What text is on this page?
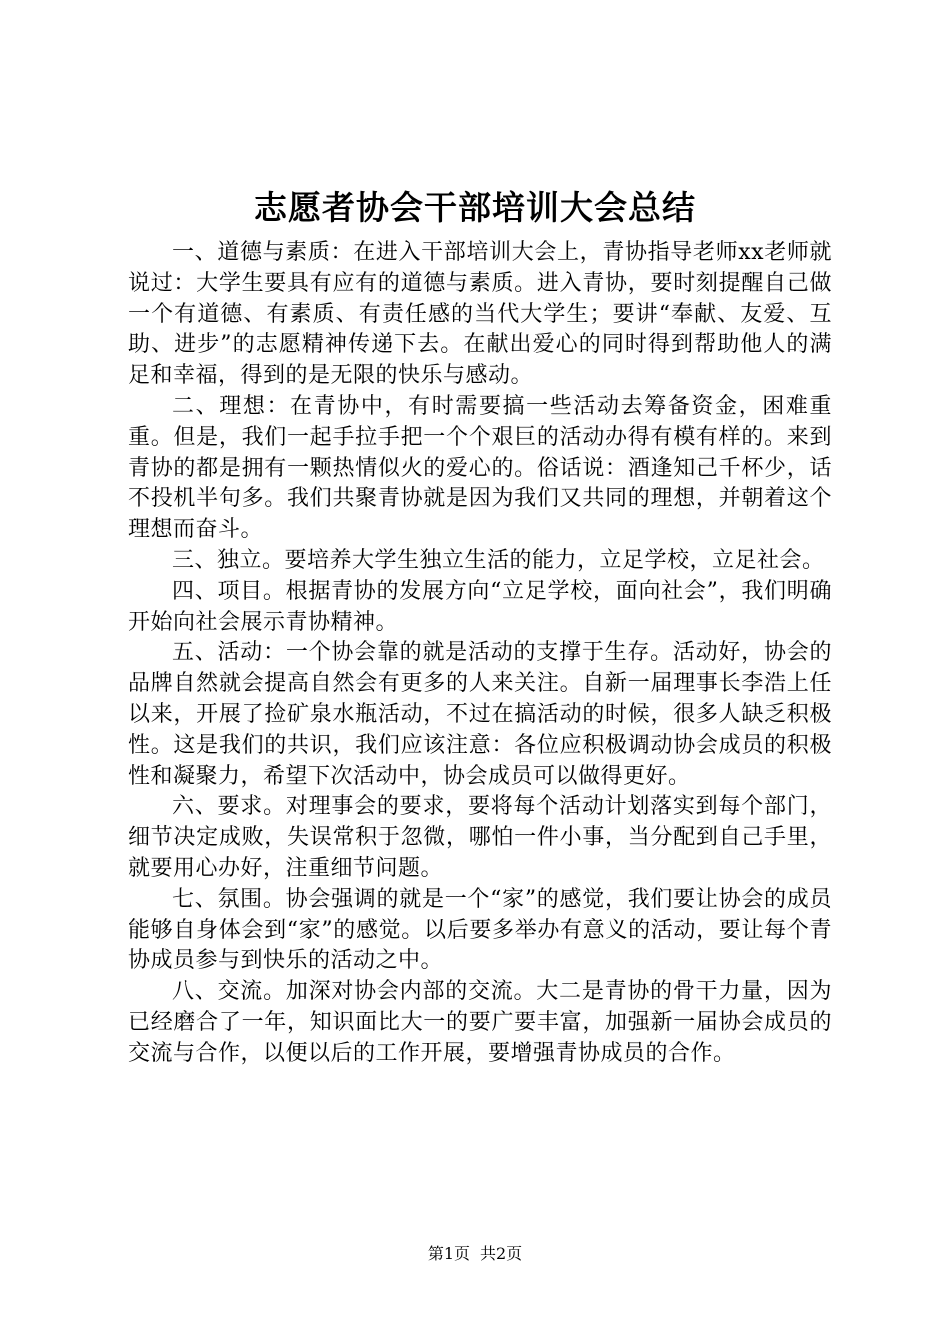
志愿者协会干部培训大会总结

一、道德与素质：在进入干部培训大会上，青协指导老师xx老师就说过：大学生要具有应有的道德与素质。进入青协，要时刻提醒自己做一个有道德、有素质、有责任感的当代大学生；要讲“奉献、友爱、互助、进步”的志愿精神传递下去。在献出爱心的同时得到帮助他人的满足和幸福，得到的是无限的快乐与感动。

二、理想：在青协中，有时需要搞一些活动去筹备资金，困难重重。但是，我们一起手拉手把一个个艰巨的活动办得有模有样的。来到青协的都是拥有一颗热情似火的爱心的。俗话说：酒逢知己千杯少，话不投机半句多。我们共聚青协就是因为我们又共同的理想，并朝着这个理想而奋斗。

三、独立。要培养大学生独立生活的能力，立足学校，立足社会。

四、项目。根据青协的发展方向“立足学校，面向社会”，我们明确开始向社会展示青协精神。

五、活动：一个协会靠的就是活动的支撑于生存。活动好，协会的品牌自然就会提高自然会有更多的人来关注。自新一届理事长李浩上任以来，开展了捡矿泉水瓶活动，不过在搞活动的时候，很多人缺乏积极性。这是我们的共识，我们应该注意：各位应积极调动协会成员的积极性和凝聚力，希望下次活动中，协会成员可以做得更好。

六、要求。对理事会的要求，要将每个活动计划落实到每个部门，细节决定成败，失误常积于忽微，哪怕一件小事，当分配到自己手里，就要用心办好，注重细节问题。

七、氛围。协会强调的就是一个“家”的感觉，我们要让协会的成员能够自身体会到“家”的感觉。以后要多举办有意义的活动，要让每个青协成员参与到快乐的活动之中。

八、交流。加深对协会内部的交流。大二是青协的骨干力量，因为已经磨合了一年，知识面比大一的要广要丰富，加强新一届协会成员的交流与合作，以便以后的工作开展，要增强青协成员的合作。

第1页 共2页
